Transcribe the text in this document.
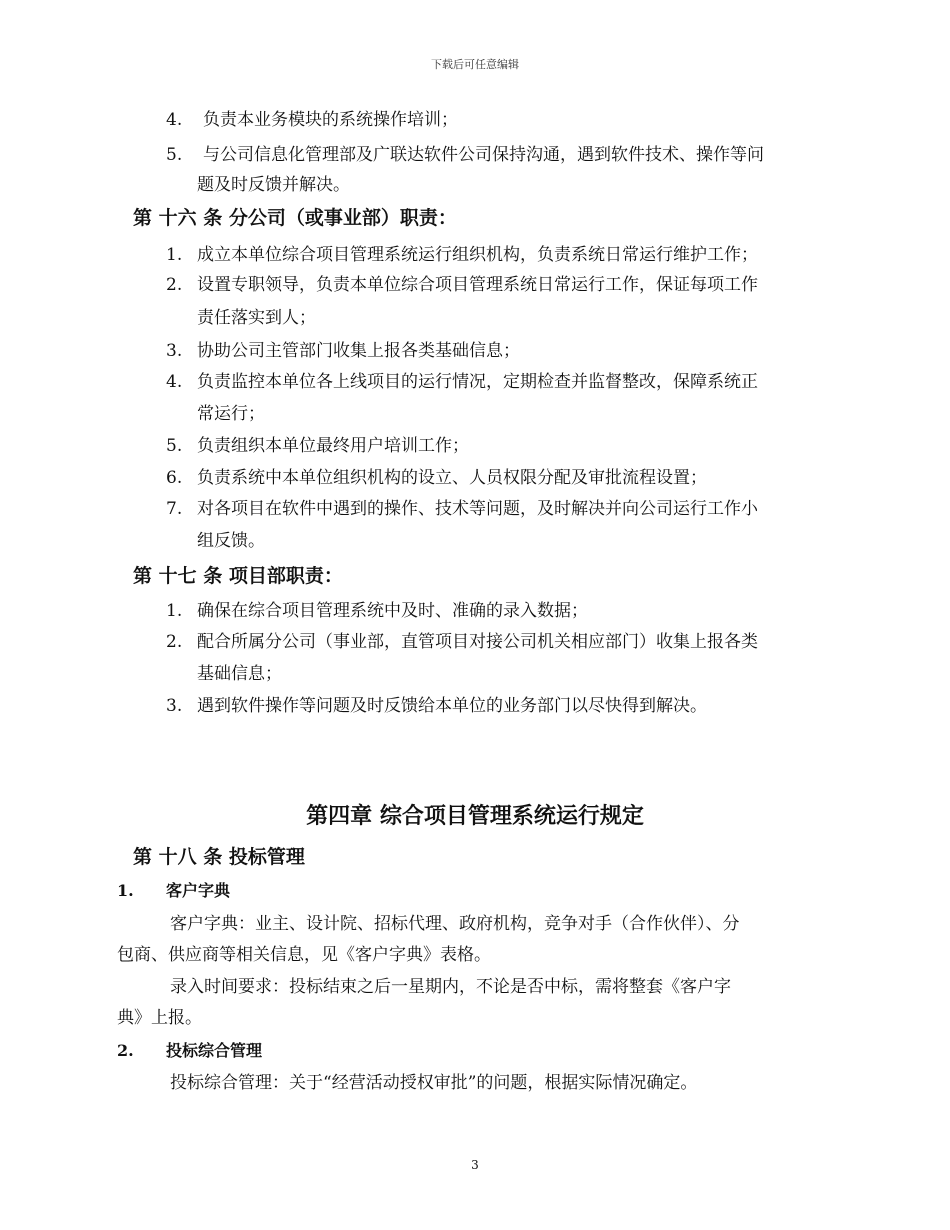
下载后可任意编辑
4. 负责本业务模块的系统操作培训；
5. 与公司信息化管理部及广联达软件公司保持沟通，遇到软件技术、操作等问
题及时反馈并解决。
第 十六 条 分公司（或事业部）职责：
1. 成立本单位综合项目管理系统运行组织机构，负责系统日常运行维护工作；
2. 设置专职领导，负责本单位综合项目管理系统日常运行工作，保证每项工作
责任落实到人；
3. 协助公司主管部门收集上报各类基础信息；
4. 负责监控本单位各上线项目的运行情况，定期检查并监督整改，保障系统正
常运行；
5. 负责组织本单位最终用户培训工作；
6. 负责系统中本单位组织机构的设立、人员权限分配及审批流程设置；
7. 对各项目在软件中遇到的操作、技术等问题，及时解决并向公司运行工作小
组反馈。
第 十七 条 项目部职责：
1. 确保在综合项目管理系统中及时、准确的录入数据；
2. 配合所属分公司（事业部，直管项目对接公司机关相应部门）收集上报各类
基础信息；
3. 遇到软件操作等问题及时反馈给本单位的业务部门以尽快得到解决。
第四章 综合项目管理系统运行规定
第 十八 条 投标管理
1. 客户字典
客户字典：业主、设计院、招标代理、政府机构，竞争对手（合作伙伴）、分
包商、供应商等相关信息，见《客户字典》表格。
录入时间要求：投标结束之后一星期内，不论是否中标，需将整套《客户字
典》上报。
2. 投标综合管理
投标综合管理：关于“经营活动授权审批”的问题，根据实际情况确定。
3
